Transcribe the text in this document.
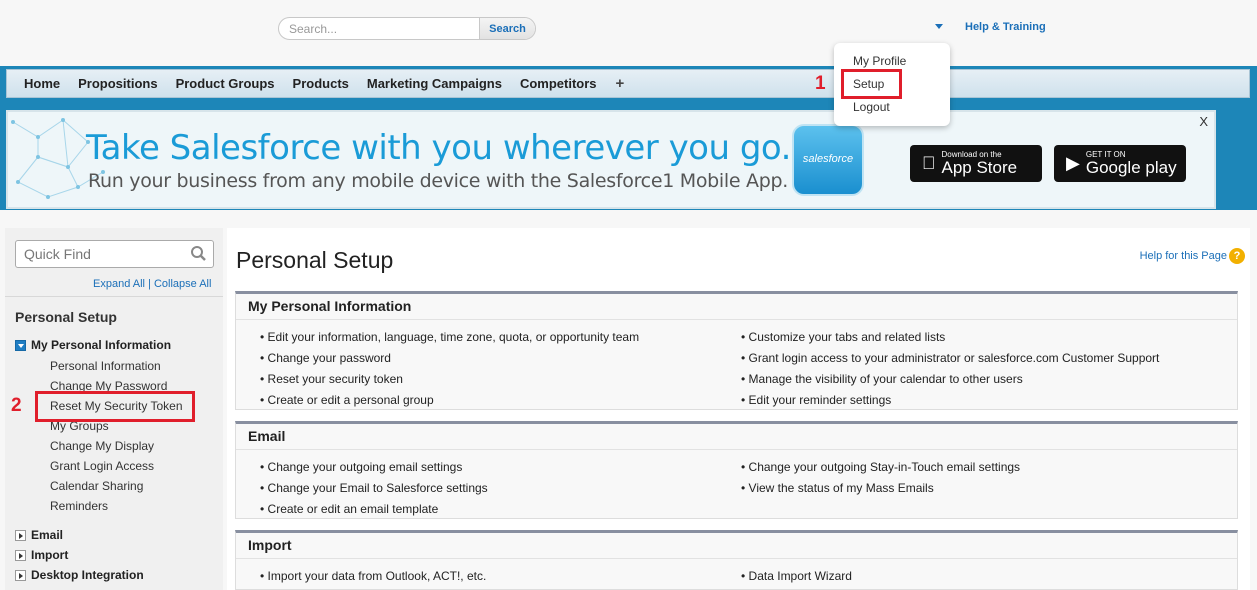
Search...
Search	Help & Training
Home	Propositions	Product Groups	Products	Marketing Campaigns	Competitors	+
Take Salesforce with you wherever you go.
Run your business from any mobile device with the Salesforce1 Mobile App.
salesforce	Download on the
App Store	▶ GET IT ON
Google play
X
My Profile
Setup
Logout
1
Quick Find
Expand All | Collapse All
Personal Setup
My Personal Information
Personal Information
Change My Password
Reset My Security Token
My Groups
Change My Display
Grant Login Access
Calendar Sharing
Reminders
Email
Import
Desktop Integration
2
Personal Setup	Help for this Page ?
My Personal Information
• Edit your information, language, time zone, quota, or opportunity team
• Change your password
• Reset your security token
• Create or edit a personal group
• Customize your tabs and related lists
• Grant login access to your administrator or salesforce.com Customer Support
• Manage the visibility of your calendar to other users
• Edit your reminder settings
Email
• Change your outgoing email settings
• Change your Email to Salesforce settings
• Create or edit an email template
• Change your outgoing Stay-in-Touch email settings
• View the status of my Mass Emails
Import
• Import your data from Outlook, ACT!, etc.	• Data Import Wizard
